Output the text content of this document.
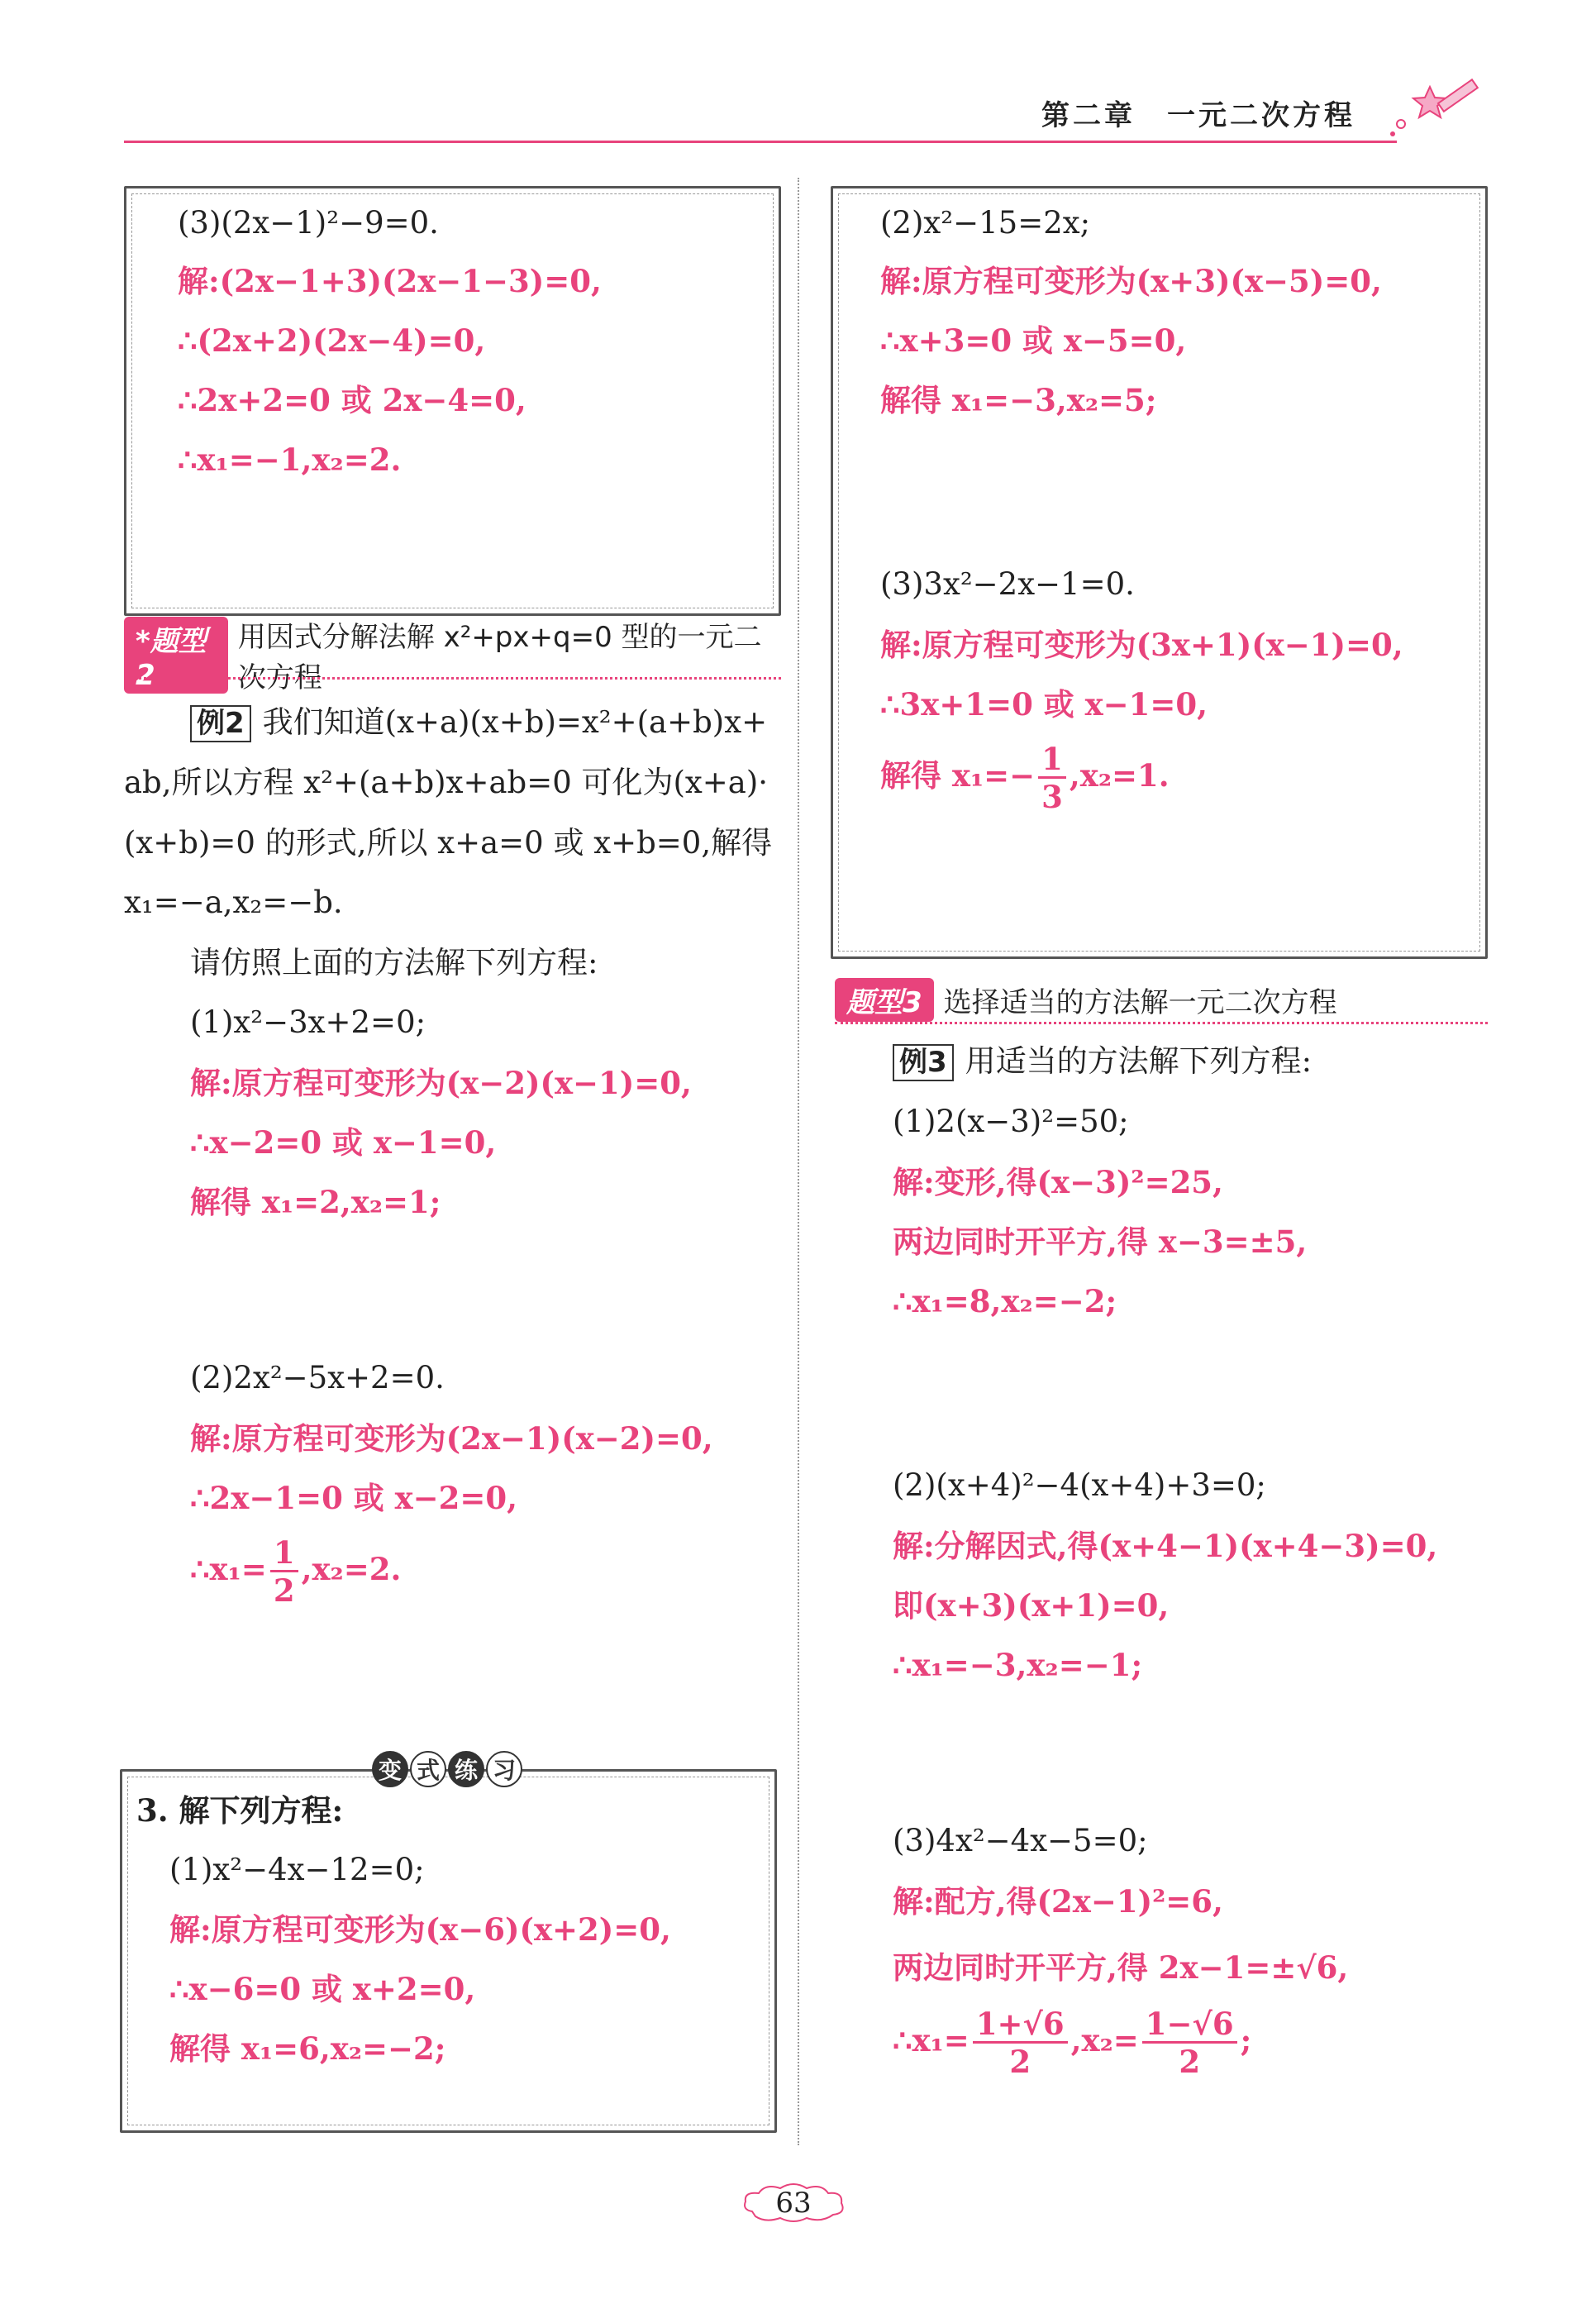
第二章　一元二次方程
(3)(2x−1)²−9=0.
解:(2x−1+3)(2x−1−3)=0,
∴(2x+2)(2x−4)=0,
∴2x+2=0 或 2x−4=0,
∴x₁=−1,x₂=2.
*题型2
用因式分解法解 x²+px+q=0 型的一元二次方程
例2 我们知道(x+a)(x+b)=x²+(a+b)x+
ab,所以方程 x²+(a+b)x+ab=0 可化为(x+a)·
(x+b)=0 的形式,所以 x+a=0 或 x+b=0,解得
x₁=−a,x₂=−b.
请仿照上面的方法解下列方程:
(1)x²−3x+2=0;
解:原方程可变形为(x−2)(x−1)=0,
∴x−2=0 或 x−1=0,
解得 x₁=2,x₂=1;
(2)2x²−5x+2=0.
解:原方程可变形为(2x−1)(x−2)=0,
∴2x−1=0 或 x−2=0,
∴x₁= $\frac{1}{2} ,x_2=2$.
变 式 练 习
3. 解下列方程:
(1)x²−4x−12=0;
解:原方程可变形为(x−6)(x+2)=0,
∴x−6=0 或 x+2=0,
解得 x₁=6,x₂=−2;
(2)x²−15=2x;
解:原方程可变形为(x+3)(x−5)=0,
∴x+3=0 或 x−5=0,
解得 x₁=−3,x₂=5;
(3)3x²−2x−1=0.
解:原方程可变形为(3x+1)(x−1)=0,
∴3x+1=0 或 x−1=0,
解得 $x_1=- \frac{1}{3} ,x_2=1$.
题型3 选择适当的方法解一元二次方程
例3 用适当的方法解下列方程:
(1)2(x−3)²=50;
解:变形,得(x−3)²=25,
两边同时开平方,得 x−3=±5,
∴x₁=8,x₂=−2;
(2)(x+4)²−4(x+4)+3=0;
解:分解因式,得(x+4−1)(x+4−3)=0,
即(x+3)(x+1)=0,
∴x₁=−3,x₂=−1;
(3)4x²−4x−5=0;
解:配方,得(2x−1)²=6,
两边同时开平方,得 2x−1=±√6,
∴x₁= $\frac{1+√6}{2} ,x_2= \frac{1-√6}{2}$ ;
63
